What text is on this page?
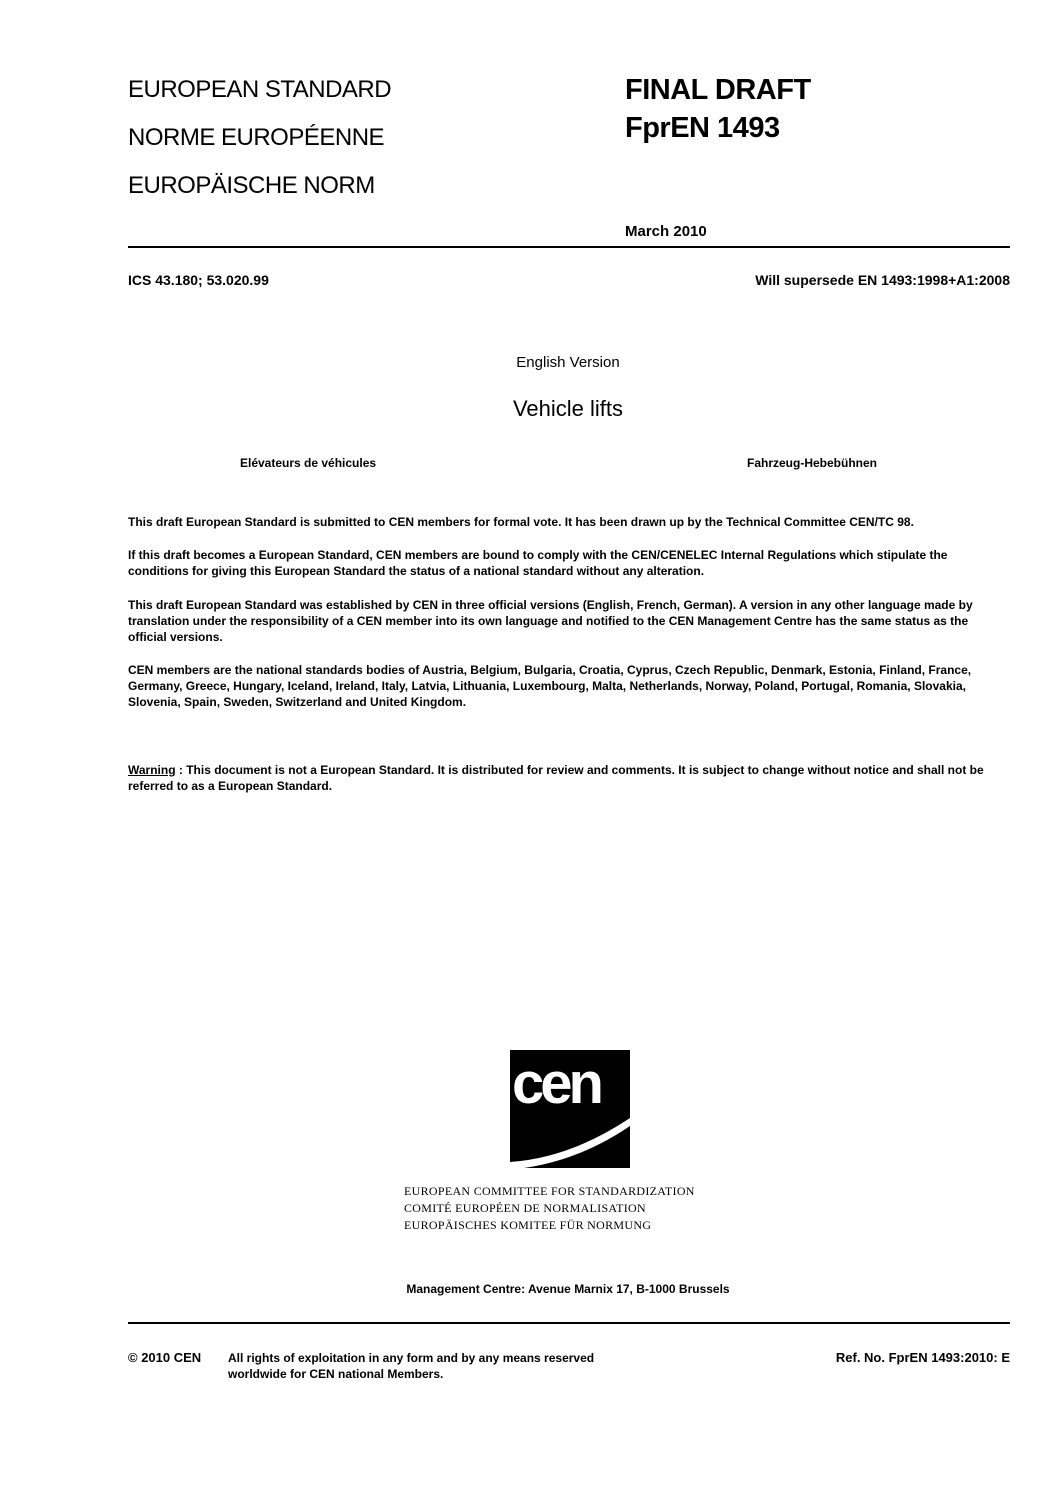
EUROPEAN STANDARD
NORME EUROPÉENNE
EUROPÄISCHE NORM
FINAL DRAFT
FprEN 1493
March 2010
ICS 43.180; 53.020.99	Will supersede EN 1493:1998+A1:2008
English Version
Vehicle lifts
Elévateurs de véhicules	Fahrzeug-Hebebühnen
This draft European Standard is submitted to CEN members for formal vote. It has been drawn up by the Technical Committee CEN/TC 98.
If this draft becomes a European Standard, CEN members are bound to comply with the CEN/CENELEC Internal Regulations which stipulate the conditions for giving this European Standard the status of a national standard without any alteration.
This draft European Standard was established by CEN in three official versions (English, French, German). A version in any other language made by translation under the responsibility of a CEN member into its own language and notified to the CEN Management Centre has the same status as the official versions.
CEN members are the national standards bodies of Austria, Belgium, Bulgaria, Croatia, Cyprus, Czech Republic, Denmark, Estonia, Finland, France, Germany, Greece, Hungary, Iceland, Ireland, Italy, Latvia, Lithuania, Luxembourg, Malta, Netherlands, Norway, Poland, Portugal, Romania, Slovakia, Slovenia, Spain, Sweden, Switzerland and United Kingdom.
Warning : This document is not a European Standard. It is distributed for review and comments. It is subject to change without notice and shall not be referred to as a European Standard.
cen
EUROPEAN COMMITTEE FOR STANDARDIZATION
COMITÉ EUROPÉEN DE NORMALISATION
EUROPÄISCHES KOMITEE FÜR NORMUNG
Management Centre: Avenue Marnix 17, B-1000 Brussels
© 2010 CEN All rights of exploitation in any form and by any means reserved worldwide for CEN national Members.
Ref. No. FprEN 1493:2010: E
